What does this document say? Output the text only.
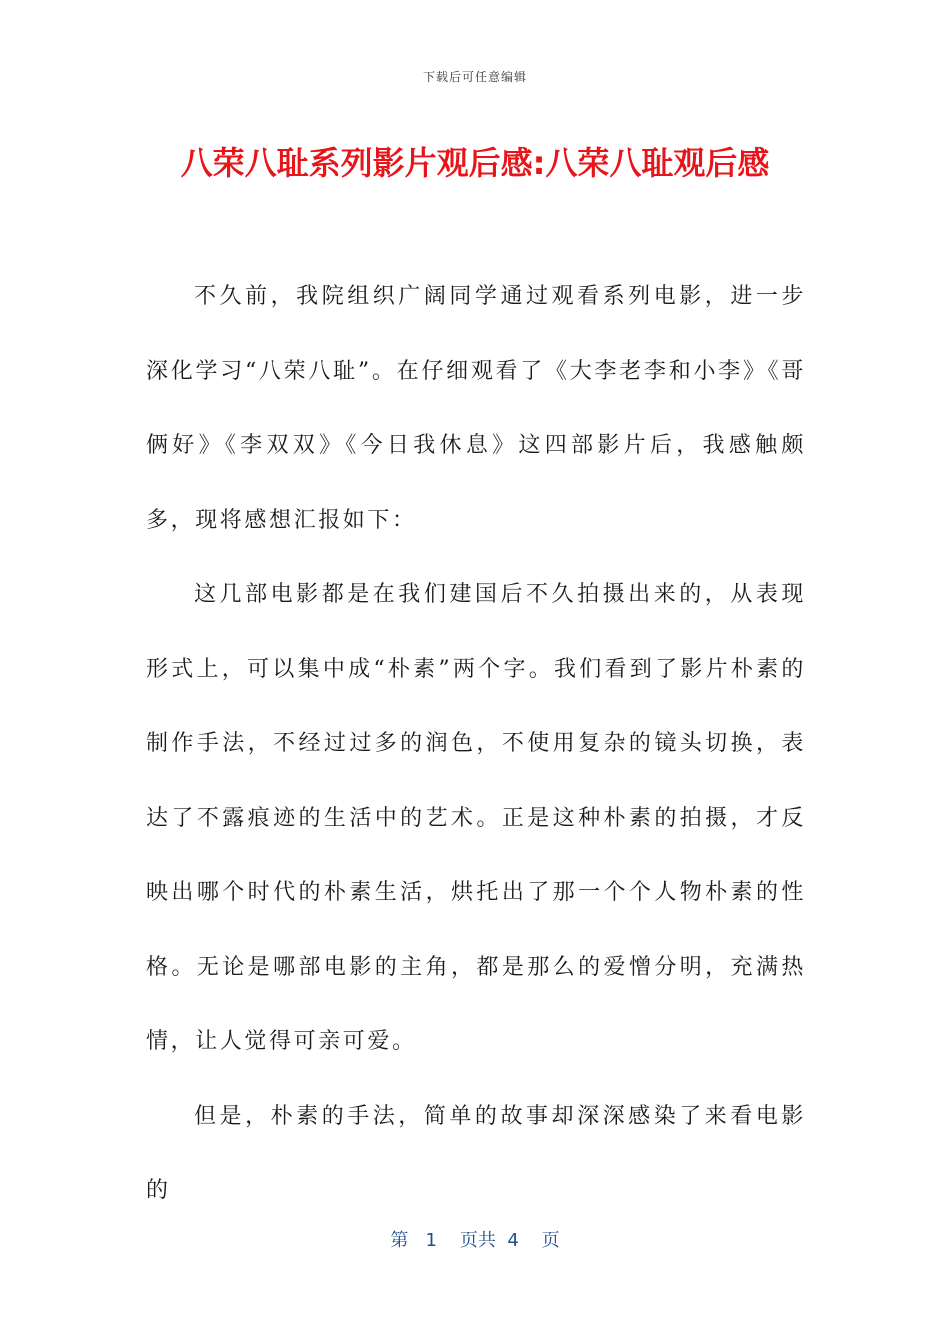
下载后可任意编辑
八荣八耻系列影片观后感:八荣八耻观后感

不久前，我院组织广阔同学通过观看系列电影，进一步深化学习“八荣八耻”。在仔细观看了《大李老李和小李》《哥俩好》《李双双》《今日我休息》这四部影片后，我感触颇多，现将感想汇报如下：

这几部电影都是在我们建国后不久拍摄出来的，从表现形式上，可以集中成“朴素”两个字。我们看到了影片朴素的制作手法，不经过过多的润色，不使用复杂的镜头切换，表达了不露痕迹的生活中的艺术。正是这种朴素的拍摄，才反映出哪个时代的朴素生活，烘托出了那一个个人物朴素的性格。无论是哪部电影的主角，都是那么的爱憎分明，充满热情，让人觉得可亲可爱。

但是，朴素的手法，简单的故事却深深感染了来看电影的

第 1 页共 4 页
